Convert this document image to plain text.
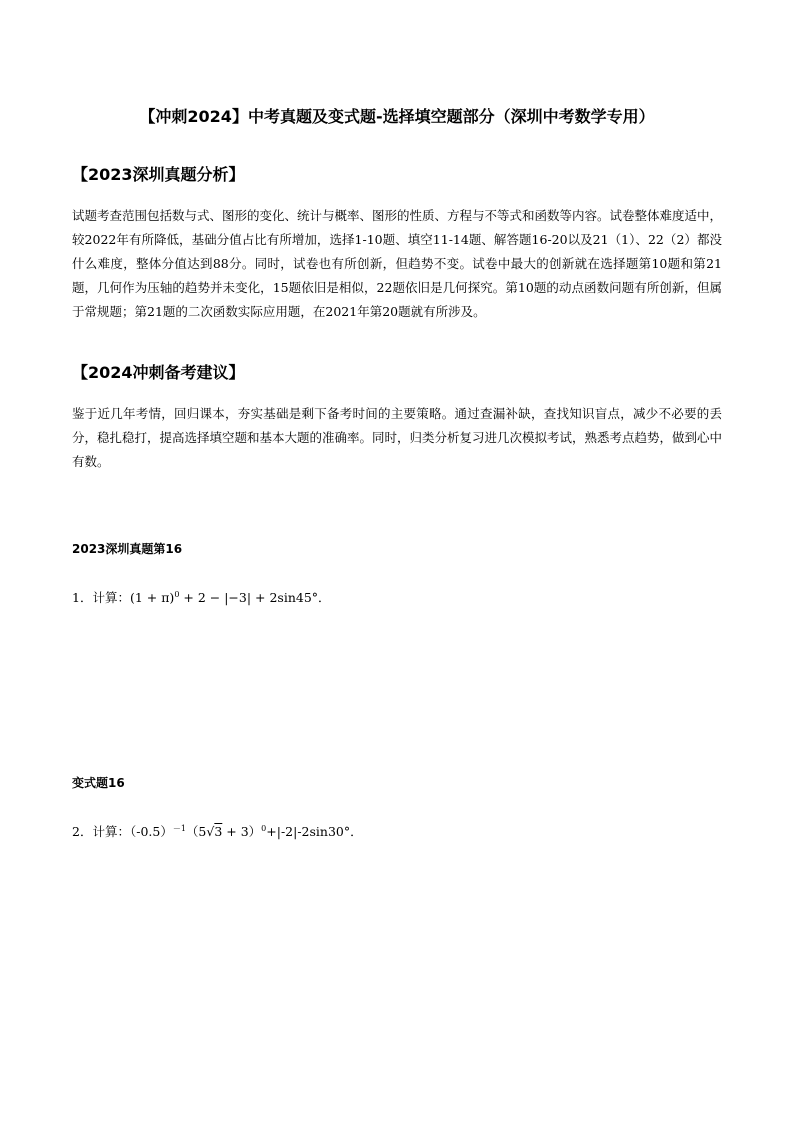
【冲刺2024】中考真题及变式题-选择填空题部分（深圳中考数学专用）
【2023深圳真题分析】
试题考查范围包括数与式、图形的变化、统计与概率、图形的性质、方程与不等式和函数等内容。试卷整体难度适中，较2022年有所降低，基础分值占比有所增加，选择1-10题、填空11-14题、解答题16-20以及21（1）、22（2）都没什么难度，整体分值达到88分。同时，试卷也有所创新，但趋势不变。试卷中最大的创新就在选择题第10题和第21题，几何作为压轴的趋势并未变化，15题依旧是相似，22题依旧是几何探究。第10题的动点函数问题有所创新，但属于常规题；第21题的二次函数实际应用题，在2021年第20题就有所涉及。
【2024冲刺备考建议】
鉴于近几年考情，回归课本，夯实基础是剩下备考时间的主要策略。通过查漏补缺，查找知识盲点，减少不必要的丢分，稳扎稳打，提高选择填空题和基本大题的准确率。同时，归类分析复习进几次模拟考试，熟悉考点趋势，做到心中有数。
2023深圳真题第16
1．计算：$(1 + \pi)^0 + 2 - |-3| + 2\sin 45^\circ$．
变式题16
2．计算：$(-0.5)^{-1}(5√3 + 3)^0+|-2|-2\sin 30^\circ$．
